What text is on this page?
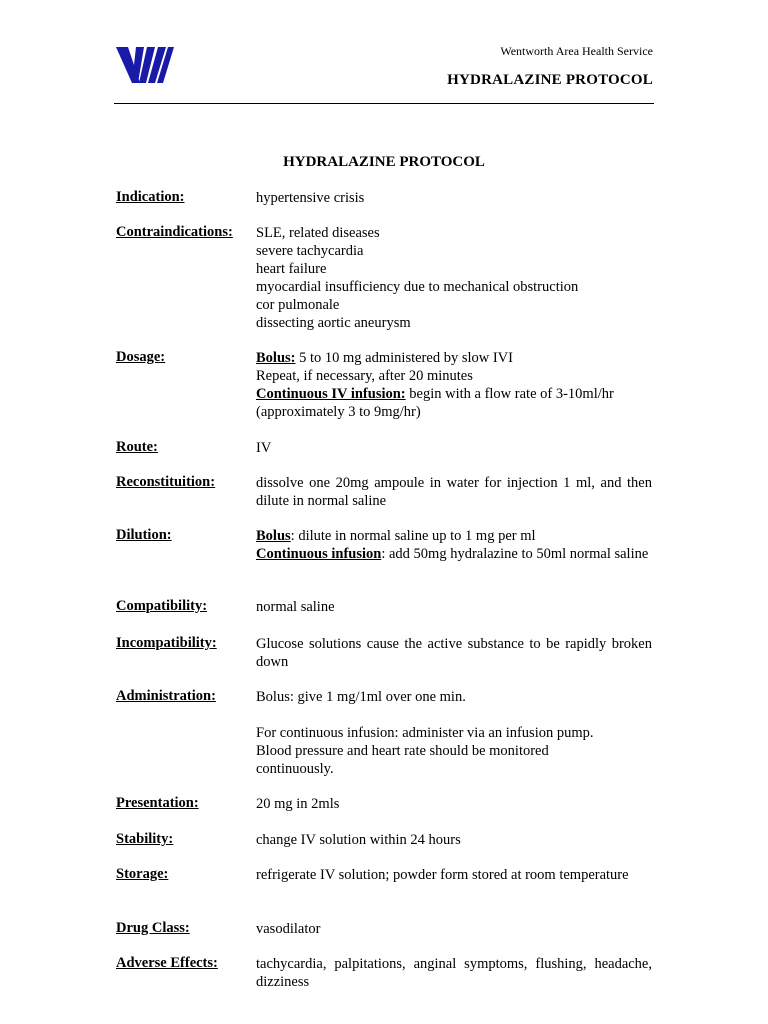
Wentworth Area Health Service
HYDRALAZINE PROTOCOL
HYDRALAZINE PROTOCOL
Indication:	hypertensive crisis
Contraindications: SLE, related diseases
severe tachycardia
heart failure
myocardial insufficiency due to mechanical obstruction
cor pulmonale
dissecting aortic aneurysm
Dosage:	Bolus: 5 to 10 mg administered by slow IVI
Repeat, if necessary, after 20 minutes
Continuous IV infusion: begin with a flow rate of 3-10ml/hr
(approximately 3 to 9mg/hr)
Route:	IV
Reconstituition:	dissolve one 20mg ampoule in water for injection 1 ml, and then dilute in normal saline
Dilution:	Bolus: dilute in normal saline up to 1 mg per ml
Continuous infusion: add 50mg hydralazine to 50ml normal saline
Compatibility:	normal saline
Incompatibility:	Glucose solutions cause the active substance to be rapidly broken down
Administration:	Bolus: give 1 mg/1ml over one min.
For continuous infusion: administer via an infusion pump.
Blood pressure and heart rate should be monitored continuously.
Presentation:	20 mg in 2mls
Stability:	change IV solution within 24 hours
Storage:	refrigerate IV solution; powder form stored at room temperature
Drug Class:	vasodilator
Adverse Effects:	tachycardia, palpitations, anginal symptoms, flushing, headache, dizziness
